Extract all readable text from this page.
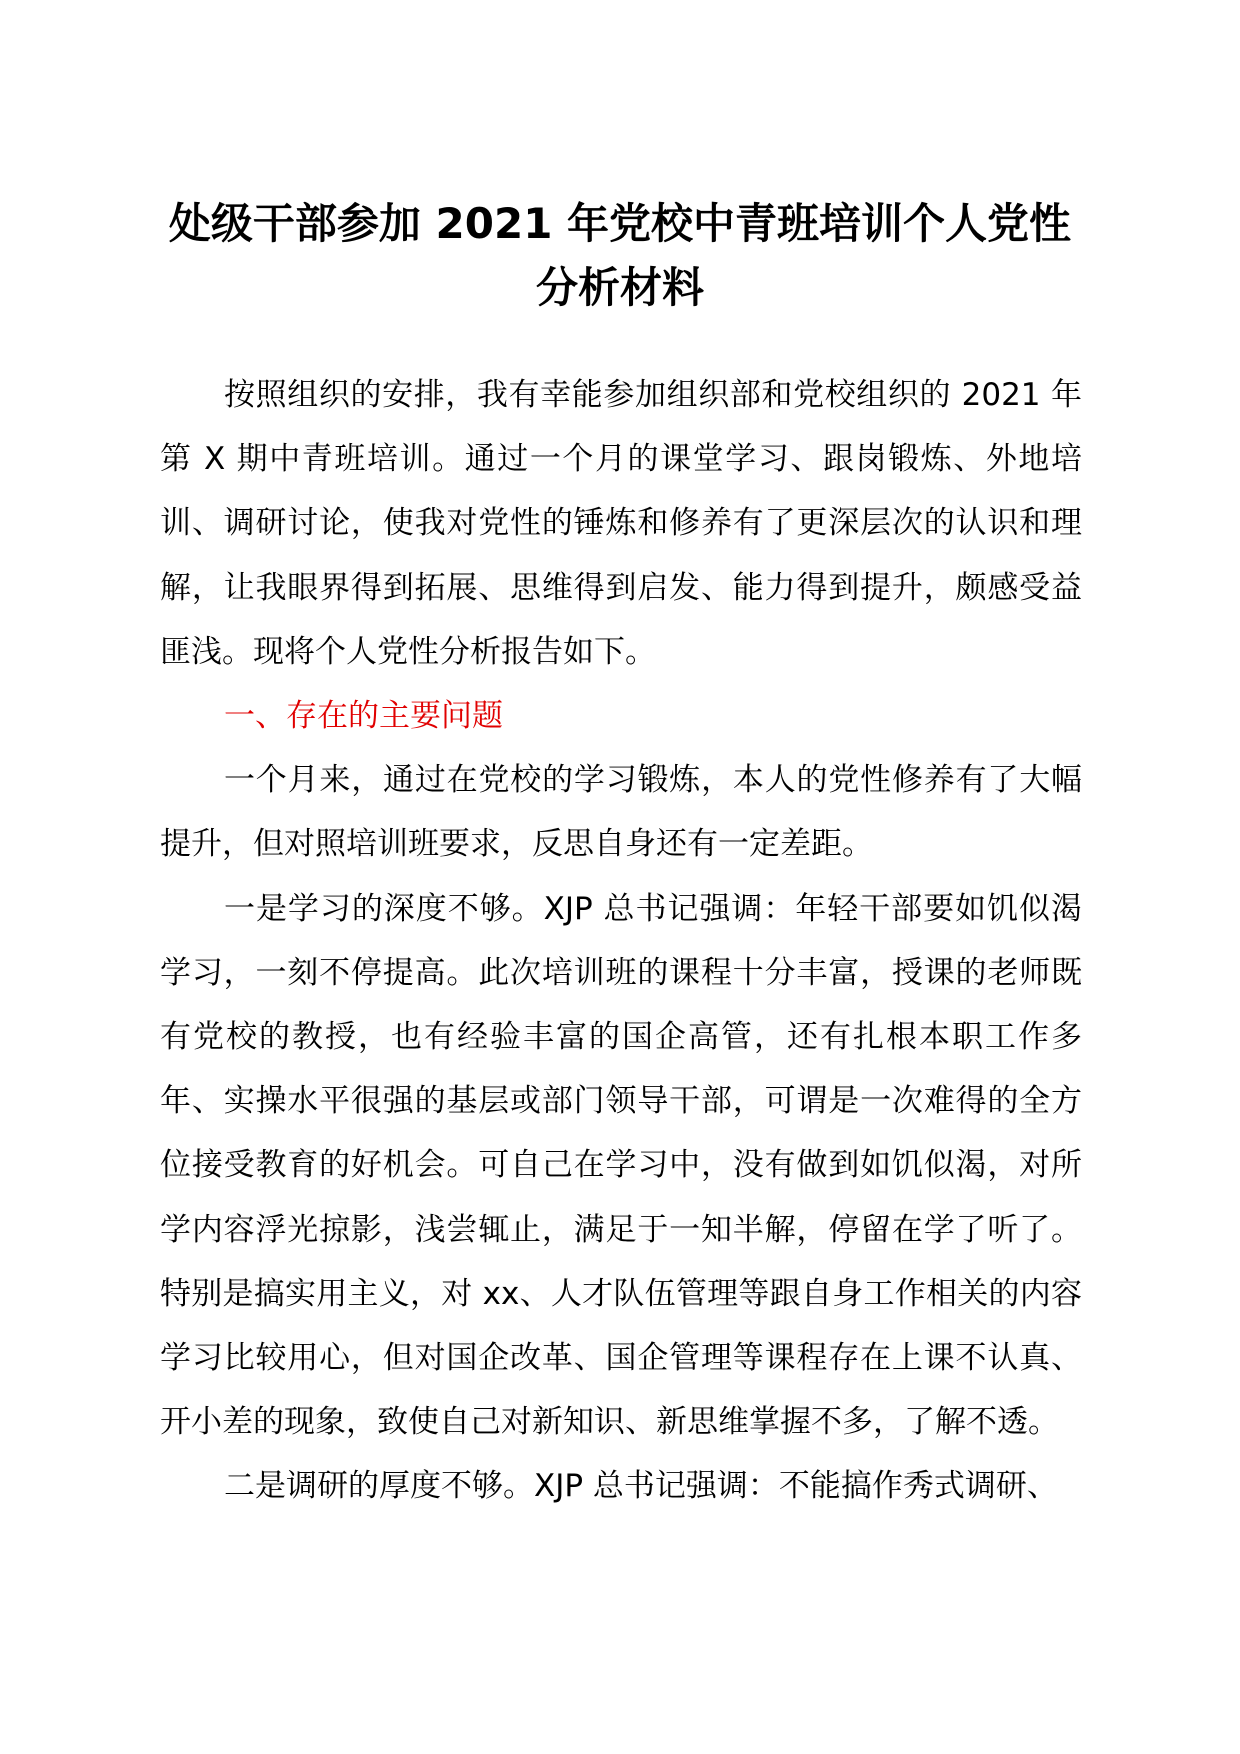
处级干部参加 2021 年党校中青班培训个人党性分析材料

按照组织的安排，我有幸能参加组织部和党校组织的 2021 年第 X 期中青班培训。通过一个月的课堂学习、跟岗锻炼、外地培训、调研讨论，使我对党性的锤炼和修养有了更深层次的认识和理解，让我眼界得到拓展、思维得到启发、能力得到提升，颇感受益匪浅。现将个人党性分析报告如下。

一、存在的主要问题

一个月来，通过在党校的学习锻炼，本人的党性修养有了大幅提升，但对照培训班要求，反思自身还有一定差距。

一是学习的深度不够。XJP 总书记强调：年轻干部要如饥似渴学习，一刻不停提高。此次培训班的课程十分丰富，授课的老师既有党校的教授，也有经验丰富的国企高管，还有扎根本职工作多年、实操水平很强的基层或部门领导干部，可谓是一次难得的全方位接受教育的好机会。可自己在学习中，没有做到如饥似渴，对所学内容浮光掠影，浅尝辄止，满足于一知半解，停留在学了听了。特别是搞实用主义，对 xx、人才队伍管理等跟自身工作相关的内容学习比较用心，但对国企改革、国企管理等课程存在上课不认真、开小差的现象，致使自己对新知识、新思维掌握不多，了解不透。

二是调研的厚度不够。XJP 总书记强调：不能搞作秀式调研、
